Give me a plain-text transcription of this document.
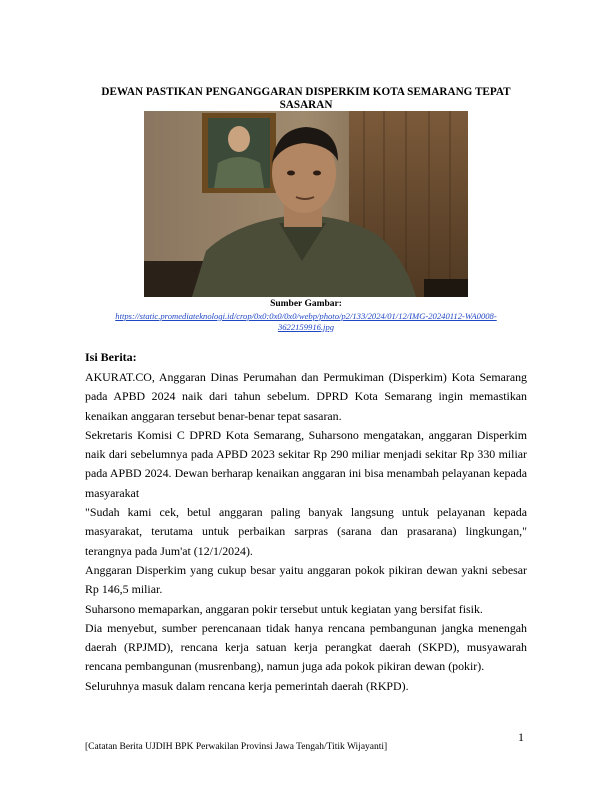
DEWAN PASTIKAN PENGANGGARAN DISPERKIM KOTA SEMARANG TEPAT SASARAN
Sumber Gambar:
https://static.promediateknologi.id/crop/0x0:0x0/0x0/webp/photo/p2/133/2024/01/12/IMG-20240112-WA0008-3622159916.jpg
Isi Berita:

AKURAT.CO, Anggaran Dinas Perumahan dan Permukiman (Disperkim) Kota Semarang pada APBD 2024 naik dari tahun sebelum. DPRD Kota Semarang ingin memastikan kenaikan anggaran tersebut benar-benar tepat sasaran.

Sekretaris Komisi C DPRD Kota Semarang, Suharsono mengatakan, anggaran Disperkim naik dari sebelumnya pada APBD 2023 sekitar Rp 290 miliar menjadi sekitar Rp 330 miliar pada APBD 2024. Dewan berharap kenaikan anggaran ini bisa menambah pelayanan kepada masyarakat

"Sudah kami cek, betul anggaran paling banyak langsung untuk pelayanan kepada masyarakat, terutama untuk perbaikan sarpras (sarana dan prasarana) lingkungan," terangnya pada Jum'at (12/1/2024).

Anggaran Disperkim yang cukup besar yaitu anggaran pokok pikiran dewan yakni sebesar Rp 146,5 miliar.

Suharsono memaparkan, anggaran pokir tersebut untuk kegiatan yang bersifat fisik.

Dia menyebut, sumber perencanaan tidak hanya rencana pembangunan jangka menengah daerah (RPJMD), rencana kerja satuan kerja perangkat daerah (SKPD), musyawarah rencana pembangunan (musrenbang), namun juga ada pokok pikiran dewan (pokir).

Seluruhnya masuk dalam rencana kerja pemerintah daerah (RKPD).

1
[Catatan Berita UJDIH BPK Perwakilan Provinsi Jawa Tengah/Titik Wijayanti]
